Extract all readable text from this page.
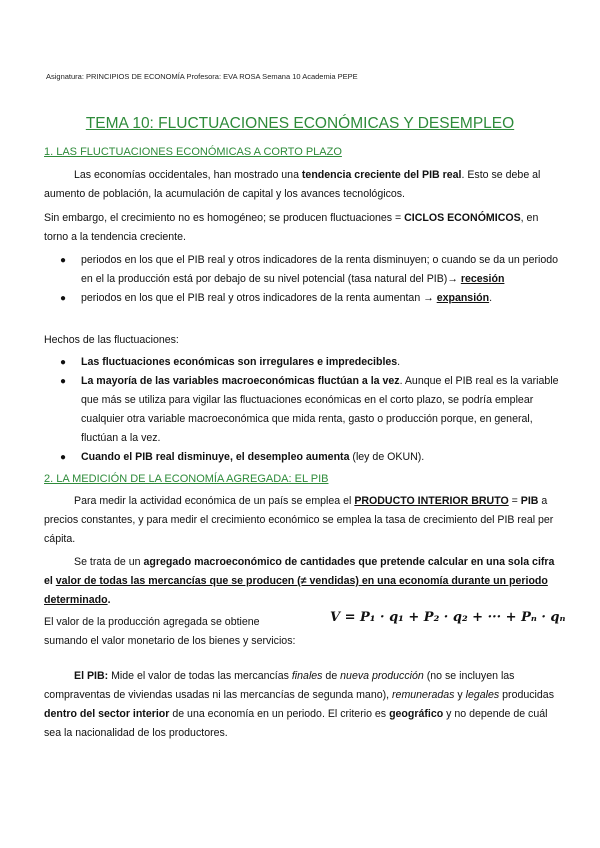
Asignatura: PRINCIPIOS DE ECONOMÍA Profesora: EVA ROSA Semana 10 Academia PEPE
TEMA 10: FLUCTUACIONES ECONÓMICAS Y DESEMPLEO
1. LAS FLUCTUACIONES ECONÓMICAS A CORTO PLAZO

Las economías occidentales, han mostrado una tendencia creciente del PIB real. Esto se debe al aumento de población, la acumulación de capital y los avances tecnológicos.

Sin embargo, el crecimiento no es homogéneo; se producen fluctuaciones = CICLOS ECONÓMICOS, en torno a la tendencia creciente.

● periodos en los que el PIB real y otros indicadores de la renta disminuyen; o cuando se da un periodo en el la producción está por debajo de su nivel potencial (tasa natural del PIB)→ recesión
● periodos en los que el PIB real y otros indicadores de la renta aumentan → expansión.

Hechos de las fluctuaciones:

● Las fluctuaciones económicas son irregulares e impredecibles.
● La mayoría de las variables macroeconómicas fluctúan a la vez. Aunque el PIB real es la variable que más se utiliza para vigilar las fluctuaciones económicas en el corto plazo, se podría emplear cualquier otra variable macroeconómica que mida renta, gasto o producción porque, en general, fluctúan a la vez.
● Cuando el PIB real disminuye, el desempleo aumenta (ley de OKUN).
2. LA MEDICIÓN DE LA ECONOMÍA AGREGADA: EL PIB

Para medir la actividad económica de un país se emplea el PRODUCTO INTERIOR BRUTO = PIB a precios constantes, y para medir el crecimiento económico se emplea la tasa de crecimiento del PIB real per cápita.

Se trata de un agregado macroeconómico de cantidades que pretende calcular en una sola cifra el valor de todas las mercancías que se producen (≠ vendidas) en una economía durante un periodo determinado.

El valor de la producción agregada se obtiene sumando el valor monetario de los bienes y servicios:

V = P₁ · q₁ + P₂ · q₂ + ··· + Pₙ · qₙ

El PIB: Mide el valor de todas las mercancías finales de nueva producción (no se incluyen las compraventas de viviendas usadas ni las mercancías de segunda mano), remuneradas y legales producidas dentro del sector interior de una economía en un periodo. El criterio es geográfico y no depende de cuál sea la nacionalidad de los productores.
